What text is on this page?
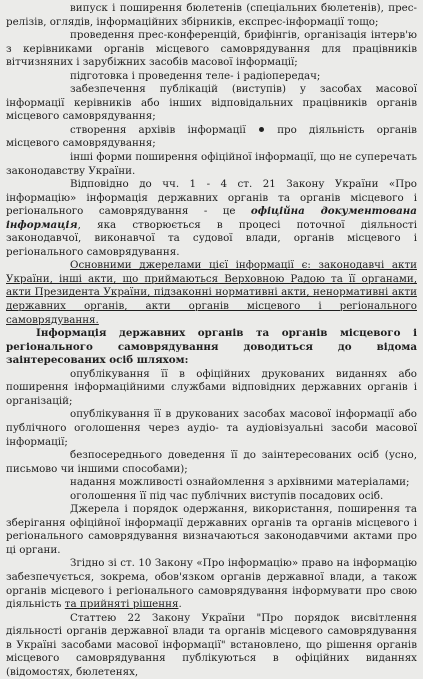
випуск і поширення бюлетенів (спеціальних бюлетенів), прес-релізів, оглядів, інформаційних збірників, експрес-інформації тощо;

проведення прес-конференцій, брифінгів, організація інтерв'ю з керівниками органів місцевого самоврядування для працівників вітчизняних і зарубіжних засобів масової інформації;

підготовка і проведення теле- і радіопередач;

забезпечення публікацій (виступів) у засобах масової інформації керівників або інших відповідальних працівників органів місцевого самоврядування;

створення архівів інформації	про діяльність органів місцевого самоврядування;

інші форми поширення офіційної інформації, що не суперечать законодавству України.

Відповідно до чч. 1 - 4 ст. 21 Закону України «Про інформацію» інформація державних органів та органів місцевого і регіонального самоврядування - це офіційна документована інформація, яка створюється в процесі поточної діяльності законодавчої, виконавчої та судової влади, органів місцевого і регіонального самоврядування.

Основними джерелами цієї інформації є: законодавчі акти України, інші акти, що приймаються Верховною Радою та її органами, акти Президента України, підзаконні нормативні акти, ненормативні акти державних органів, акти органів місцевого і регіонального самоврядування.

Інформація державних органів та органів місцевого і регіонального самоврядування доводиться до відома заінтересованих осіб шляхом:

опублікування її в офіційних друкованих виданнях або поширення інформаційними службами відповідних державних органів і організацій;

опублікування її в друкованих засобах масової інформації або публічного оголошення через аудіо- та аудіовізуальні засоби масової інформації;

безпосереднього доведення її до заінтересованих осіб (усно, письмово чи іншими способами);

надання можливості ознайомлення з архівними матеріалами;

оголошення її під час публічних виступів посадових осіб.

Джерела і порядок одержання, використання, поширення та зберігання офіційної інформації державних органів та органів місцевого і регіонального самоврядування визначаються законодавчими актами про ці органи.

Згідно зі ст. 10 Закону «Про інформацію» право на інформацію забезпечується, зокрема, обов'язком органів державної влади, а також органів місцевого і регіонального самоврядування інформувати про свою діяльність та прийняті рішення.

Статтею 22 Закону України "Про порядок висвітлення діяльності органів державної влади та органів місцевого самоврядування в Україні засобами масової інформації" встановлено, що рішення органів місцевого самоврядування публікуються в офіційних виданнях (відомостях, бюлетенях,
